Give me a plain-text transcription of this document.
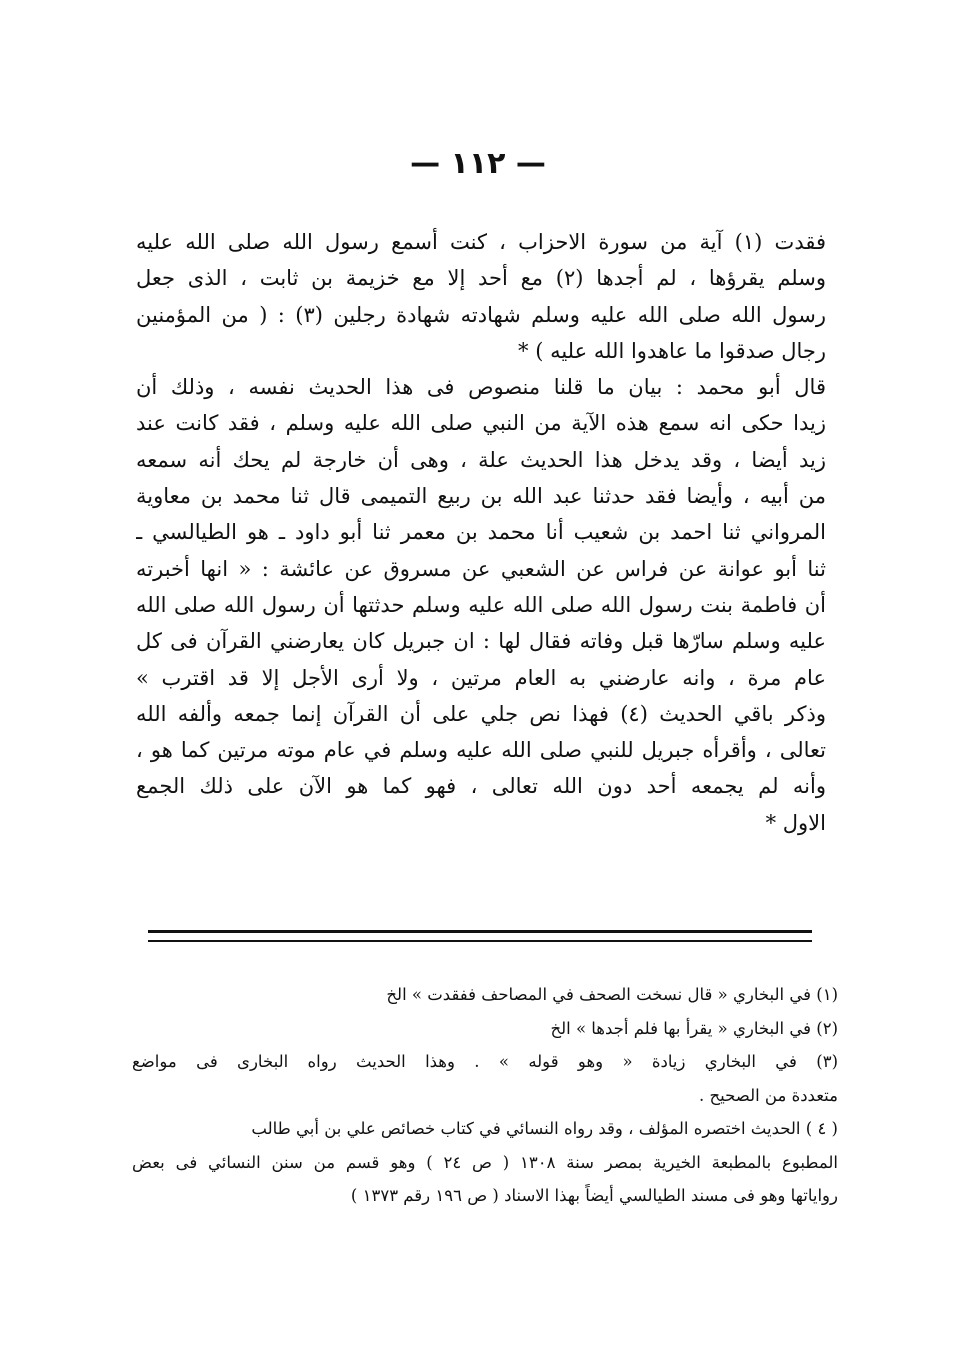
— ١١٢ —
فقدت (١) آية من سورة الاحزاب ، كنت أسمع رسول الله صلى الله عليه
وسلم يقرؤها ، لم أجدها (٢) مع أحد إلا مع خزيمة بن ثابت ، الذى جعل
رسول الله صلى الله عليه وسلم شهادته شهادة رجلين (٣) : ( من المؤمنين
رجال صدقوا ما عاهدوا الله عليه ) *
قال أبو محمد : بيان ما قلنا منصوص فى هذا الحديث نفسه ، وذلك أن
زيدا حكى انه سمع هذه الآية من النبي صلى الله عليه وسلم ، فقد كانت عند
زيد أيضا ، وقد يدخل هذا الحديث علة ، وهى أن خارجة لم يحك أنه سمعه
من أبيه ، وأيضا فقد حدثنا عبد الله بن ربيع التميمى قال ثنا محمد بن معاوية
المرواني ثنا احمد بن شعيب أنا محمد بن معمر ثنا أبو داود ـ هو الطيالسي ـ
ثنا أبو عوانة عن فراس عن الشعبي عن مسروق عن عائشة : « انها أخبرته
أن فاطمة بنت رسول الله صلى الله عليه وسلم حدثتها أن رسول الله صلى الله
عليه وسلم سارّها قبل وفاته فقال لها : ان جبريل كان يعارضني القرآن فى كل
عام مرة ، وانه عارضني به العام مرتين ، ولا أرى الأجل إلا قد اقترب »
وذكر باقي الحديث (٤) فهذا نص جلي على أن القرآن إنما جمعه وألفه الله
تعالى ، وأقرأه جبريل للنبي صلى الله عليه وسلم في عام موته مرتين كما هو ،
وأنه لم يجمعه أحد دون الله تعالى ، فهو كما هو الآن على ذلك الجمع
الاول *
(١) في البخاري « قال نسخت الصحف في المصاحف ففقدت » الخ
(٢) في البخاري « يقرأ بها فلم أجدها » الخ
(٣) في البخاري زيادة « وهو قوله » . وهذا الحديث رواه البخارى فى مواضع
متعددة من الصحيح .
( ٤ ) الحديث اختصره المؤلف ، وقد رواه النسائي في كتاب خصائص علي بن أبي طالب
المطبوع بالمطبعة الخيرية بمصر سنة ١٣٠٨ ( ص ٢٤ ) وهو قسم من سنن النسائي فى بعض
رواياتها وهو فى مسند الطيالسي أيضاً بهذا الاسناد ( ص ١٩٦ رقم ١٣٧٣ )
